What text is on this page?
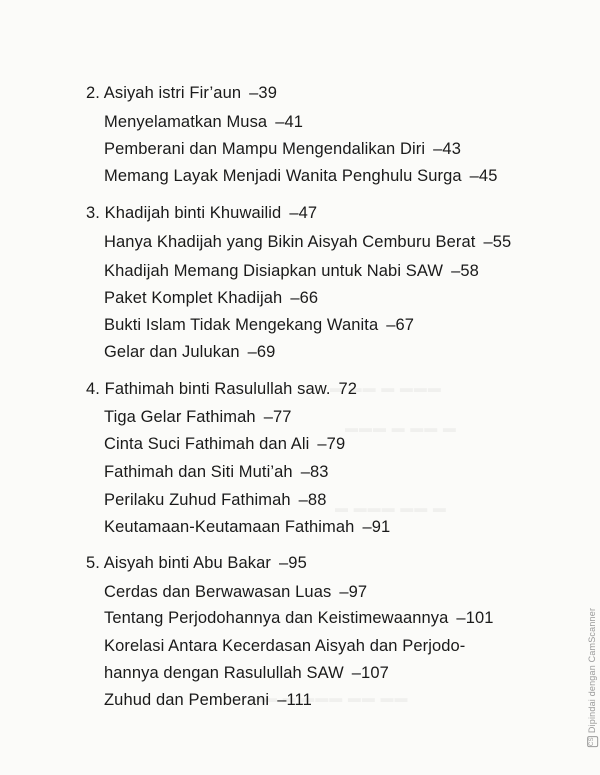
2. Asiyah istri Fir’aun –39
Menyelamatkan Musa –41
Pemberani dan Mampu Mengendalikan Diri –43
Memang Layak Menjadi Wanita Penghulu Surga –45
3. Khadijah binti Khuwailid –47
Hanya Khadijah yang Bikin Aisyah Cemburu Berat –55
Khadijah Memang Disiapkan untuk Nabi SAW –58
Paket Komplet Khadijah –66
Bukti Islam Tidak Mengekang Wanita –67
Gelar dan Julukan –69
4. Fathimah binti Rasulullah saw. 72
Tiga Gelar Fathimah –77
Cinta Suci Fathimah dan Ali –79
Fathimah dan Siti Muti’ah –83
Perilaku Zuhud Fathimah –88
Keutamaan-Keutamaan Fathimah –91
5. Aisyah binti Abu Bakar –95
Cerdas dan Berwawasan Luas –97
Tentang Perjodohannya dan Keistimewaannya –101
Korelasi Antara Kecerdasan Aisyah dan Perjodo-
hannya dengan Rasulullah SAW –107
Zuhud dan Pemberani –111
CSDipindai dengan CamScanner
